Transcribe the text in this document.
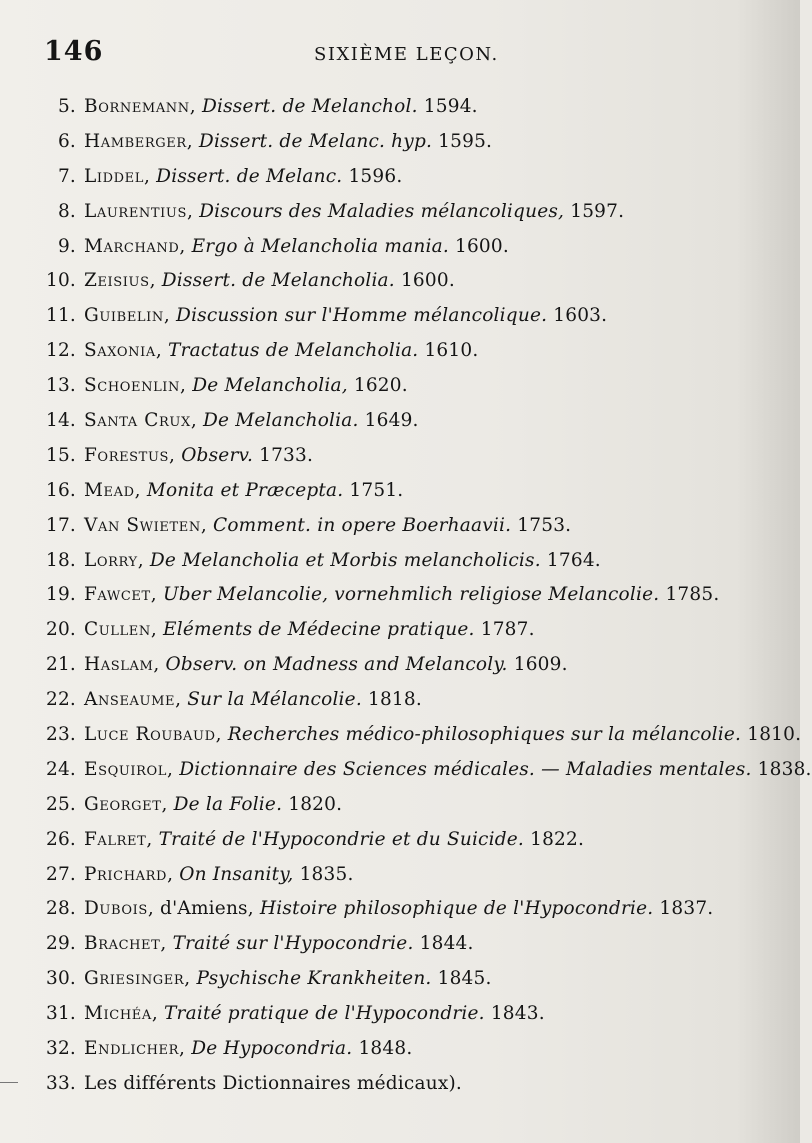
146	SIXIÈME LEÇON.
5. Bornemann, Dissert. de Melanchol. 1594.
6. Hamberger, Dissert. de Melanc. hyp. 1595.
7. Liddel, Dissert. de Melanc. 1596.
8. Laurentius, Discours des Maladies mélancoliques, 1597.
9. Marchand, Ergo à Melancholia mania. 1600.
10. Zeisius, Dissert. de Melancholia. 1600.
11. Guibelin, Discussion sur l'Homme mélancolique. 1603.
12. Saxonia, Tractatus de Melancholia. 1610.
13. Schoenlin, De Melancholia, 1620.
14. Santa Crux, De Melancholia. 1649.
15. Forestus, Observ. 1733.
16. Mead, Monita et Præcepta. 1751.
17. Van Swieten, Comment. in opere Boerhaavii. 1753.
18. Lorry, De Melancholia et Morbis melancholicis. 1764.
19. Fawcet, Uber Melancolie, vornehmlich religiose Melancolie. 1785.
20. Cullen, Eléments de Médecine pratique. 1787.
21. Haslam, Observ. on Madness and Melancoly. 1609.
22. Anseaume, Sur la Mélancolie. 1818.
23. Luce Roubaud, Recherches médico-philosophiques sur la mélancolie. 1810.
24. Esquirol, Dictionnaire des Sciences médicales. — Maladies mentales. 1838.
25. Georget, De la Folie. 1820.
26. Falret, Traité de l'Hypocondrie et du Suicide. 1822.
27. Prichard, On Insanity, 1835.
28. Dubois, d'Amiens, Histoire philosophique de l'Hypocondrie. 1837.
29. Brachet, Traité sur l'Hypocondrie. 1844.
30. Griesinger, Psychische Krankheiten. 1845.
31. Michéa, Traité pratique de l'Hypocondrie. 1843.
32. Endlicher, De Hypocondria. 1848.
33. Les différents Dictionnaires médicaux).
